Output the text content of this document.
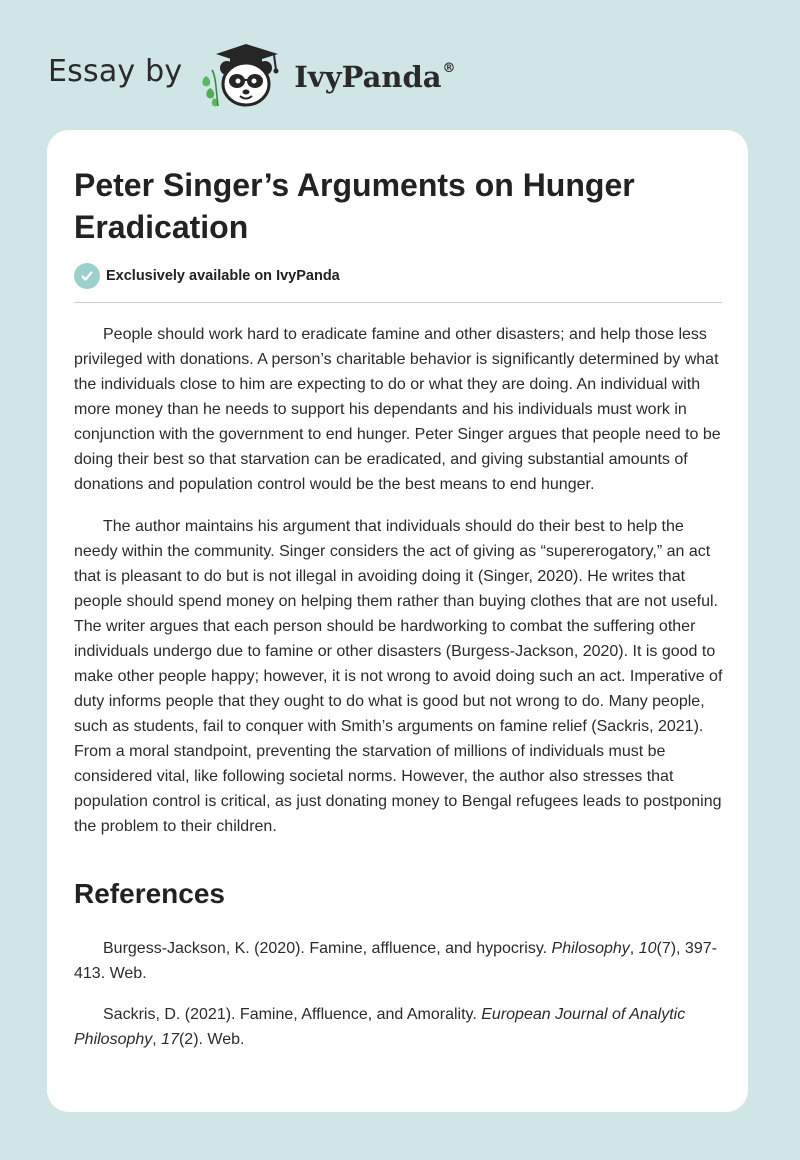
Essay by	IvyPanda®
Peter Singer’s Arguments on Hunger Eradication
Exclusively available on IvyPanda

People should work hard to eradicate famine and other disasters; and help those less privileged with donations. A person’s charitable behavior is significantly determined by what the individuals close to him are expecting to do or what they are doing. An individual with more money than he needs to support his dependants and his individuals must work in conjunction with the government to end hunger. Peter Singer argues that people need to be doing their best so that starvation can be eradicated, and giving substantial amounts of donations and population control would be the best means to end hunger.

The author maintains his argument that individuals should do their best to help the needy within the community. Singer considers the act of giving as “supererogatory,” an act that is pleasant to do but is not illegal in avoiding doing it (Singer, 2020). He writes that people should spend money on helping them rather than buying clothes that are not useful. The writer argues that each person should be hardworking to combat the suffering other individuals undergo due to famine or other disasters (Burgess-Jackson, 2020). It is good to make other people happy; however, it is not wrong to avoid doing such an act. Imperative of duty informs people that they ought to do what is good but not wrong to do. Many people, such as students, fail to conquer with Smith’s arguments on famine relief (Sackris, 2021). From a moral standpoint, preventing the starvation of millions of individuals must be considered vital, like following societal norms. However, the author also stresses that population control is critical, as just donating money to Bengal refugees leads to postponing the problem to their children.

References

Burgess-Jackson, K. (2020). Famine, affluence, and hypocrisy. Philosophy, 10(7), 397-413. Web.

Sackris, D. (2021). Famine, Affluence, and Amorality. European Journal of Analytic Philosophy, 17(2). Web.
